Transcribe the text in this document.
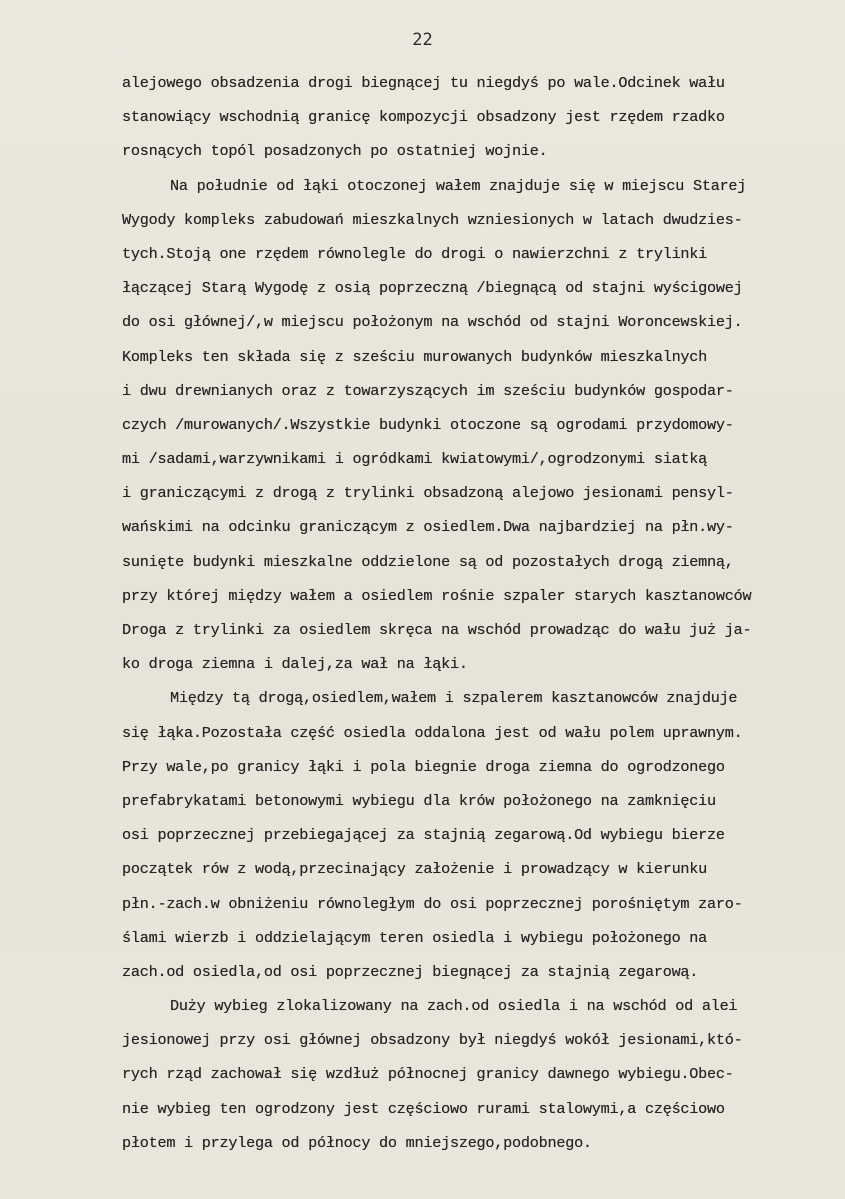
22
alejowego obsadzenia drogi biegnącej tu niegdyś po wale.Odcinek wału
stanowiący wschodnią granicę kompozycji obsadzony jest rzędem rzadko
rosnących topól posadzonych po ostatniej wojnie.
Na południe od łąki otoczonej wałem znajduje się w miejscu Starej
Wygody kompleks zabudowań mieszkalnych wzniesionych w latach dwudzies-
tych.Stoją one rzędem równolegle do drogi o nawierzchni z trylinki
łączącej Starą Wygodę z osią poprzeczną /biegnącą od stajni wyścigowej
do osi głównej/,w miejscu położonym na wschód od stajni Woroncewskiej.
Kompleks ten składa się z sześciu murowanych budynków mieszkalnych
i dwu drewnianych oraz z towarzyszących im sześciu budynków gospodar-
czych /murowanych/.Wszystkie budynki otoczone są ogrodami przydomowy-
mi /sadami,warzywnikami i ogródkami kwiatowymi/,ogrodzonymi siatką
i graniczącymi z drogą z trylinki obsadzoną alejowo jesionami pensyl-
wańskimi na odcinku graniczącym z osiedlem.Dwa najbardziej na płn.wy-
sunięte budynki mieszkalne oddzielone są od pozostałych drogą ziemną,
przy której między wałem a osiedlem rośnie szpaler starych kasztanowców
Droga z trylinki za osiedlem skręca na wschód prowadząc do wału już ja-
ko droga ziemna i dalej,za wał na łąki.
Między tą drogą,osiedlem,wałem i szpalerem kasztanowców znajduje
się łąka.Pozostała część osiedla oddalona jest od wału polem uprawnym.
Przy wale,po granicy łąki i pola biegnie droga ziemna do ogrodzonego
prefabrykatami betonowymi wybiegu dla krów położonego na zamknięciu
osi poprzecznej przebiegającej za stajnią zegarową.Od wybiegu bierze
początek rów z wodą,przecinający założenie i prowadzący w kierunku
płn.-zach.w obniżeniu równoległym do osi poprzecznej porośniętym zaro-
ślami wierzb i oddzielającym teren osiedla i wybiegu położonego na
zach.od osiedla,od osi poprzecznej biegnącej za stajnią zegarową.
Duży wybieg zlokalizowany na zach.od osiedla i na wschód od alei
jesionowej przy osi głównej obsadzony był niegdyś wokół jesionami,któ-
rych rząd zachował się wzdłuż północnej granicy dawnego wybiegu.Obec-
nie wybieg ten ogrodzony jest częściowo rurami stalowymi,a częściowo
płotem i przylega od północy do mniejszego,podobnego.
